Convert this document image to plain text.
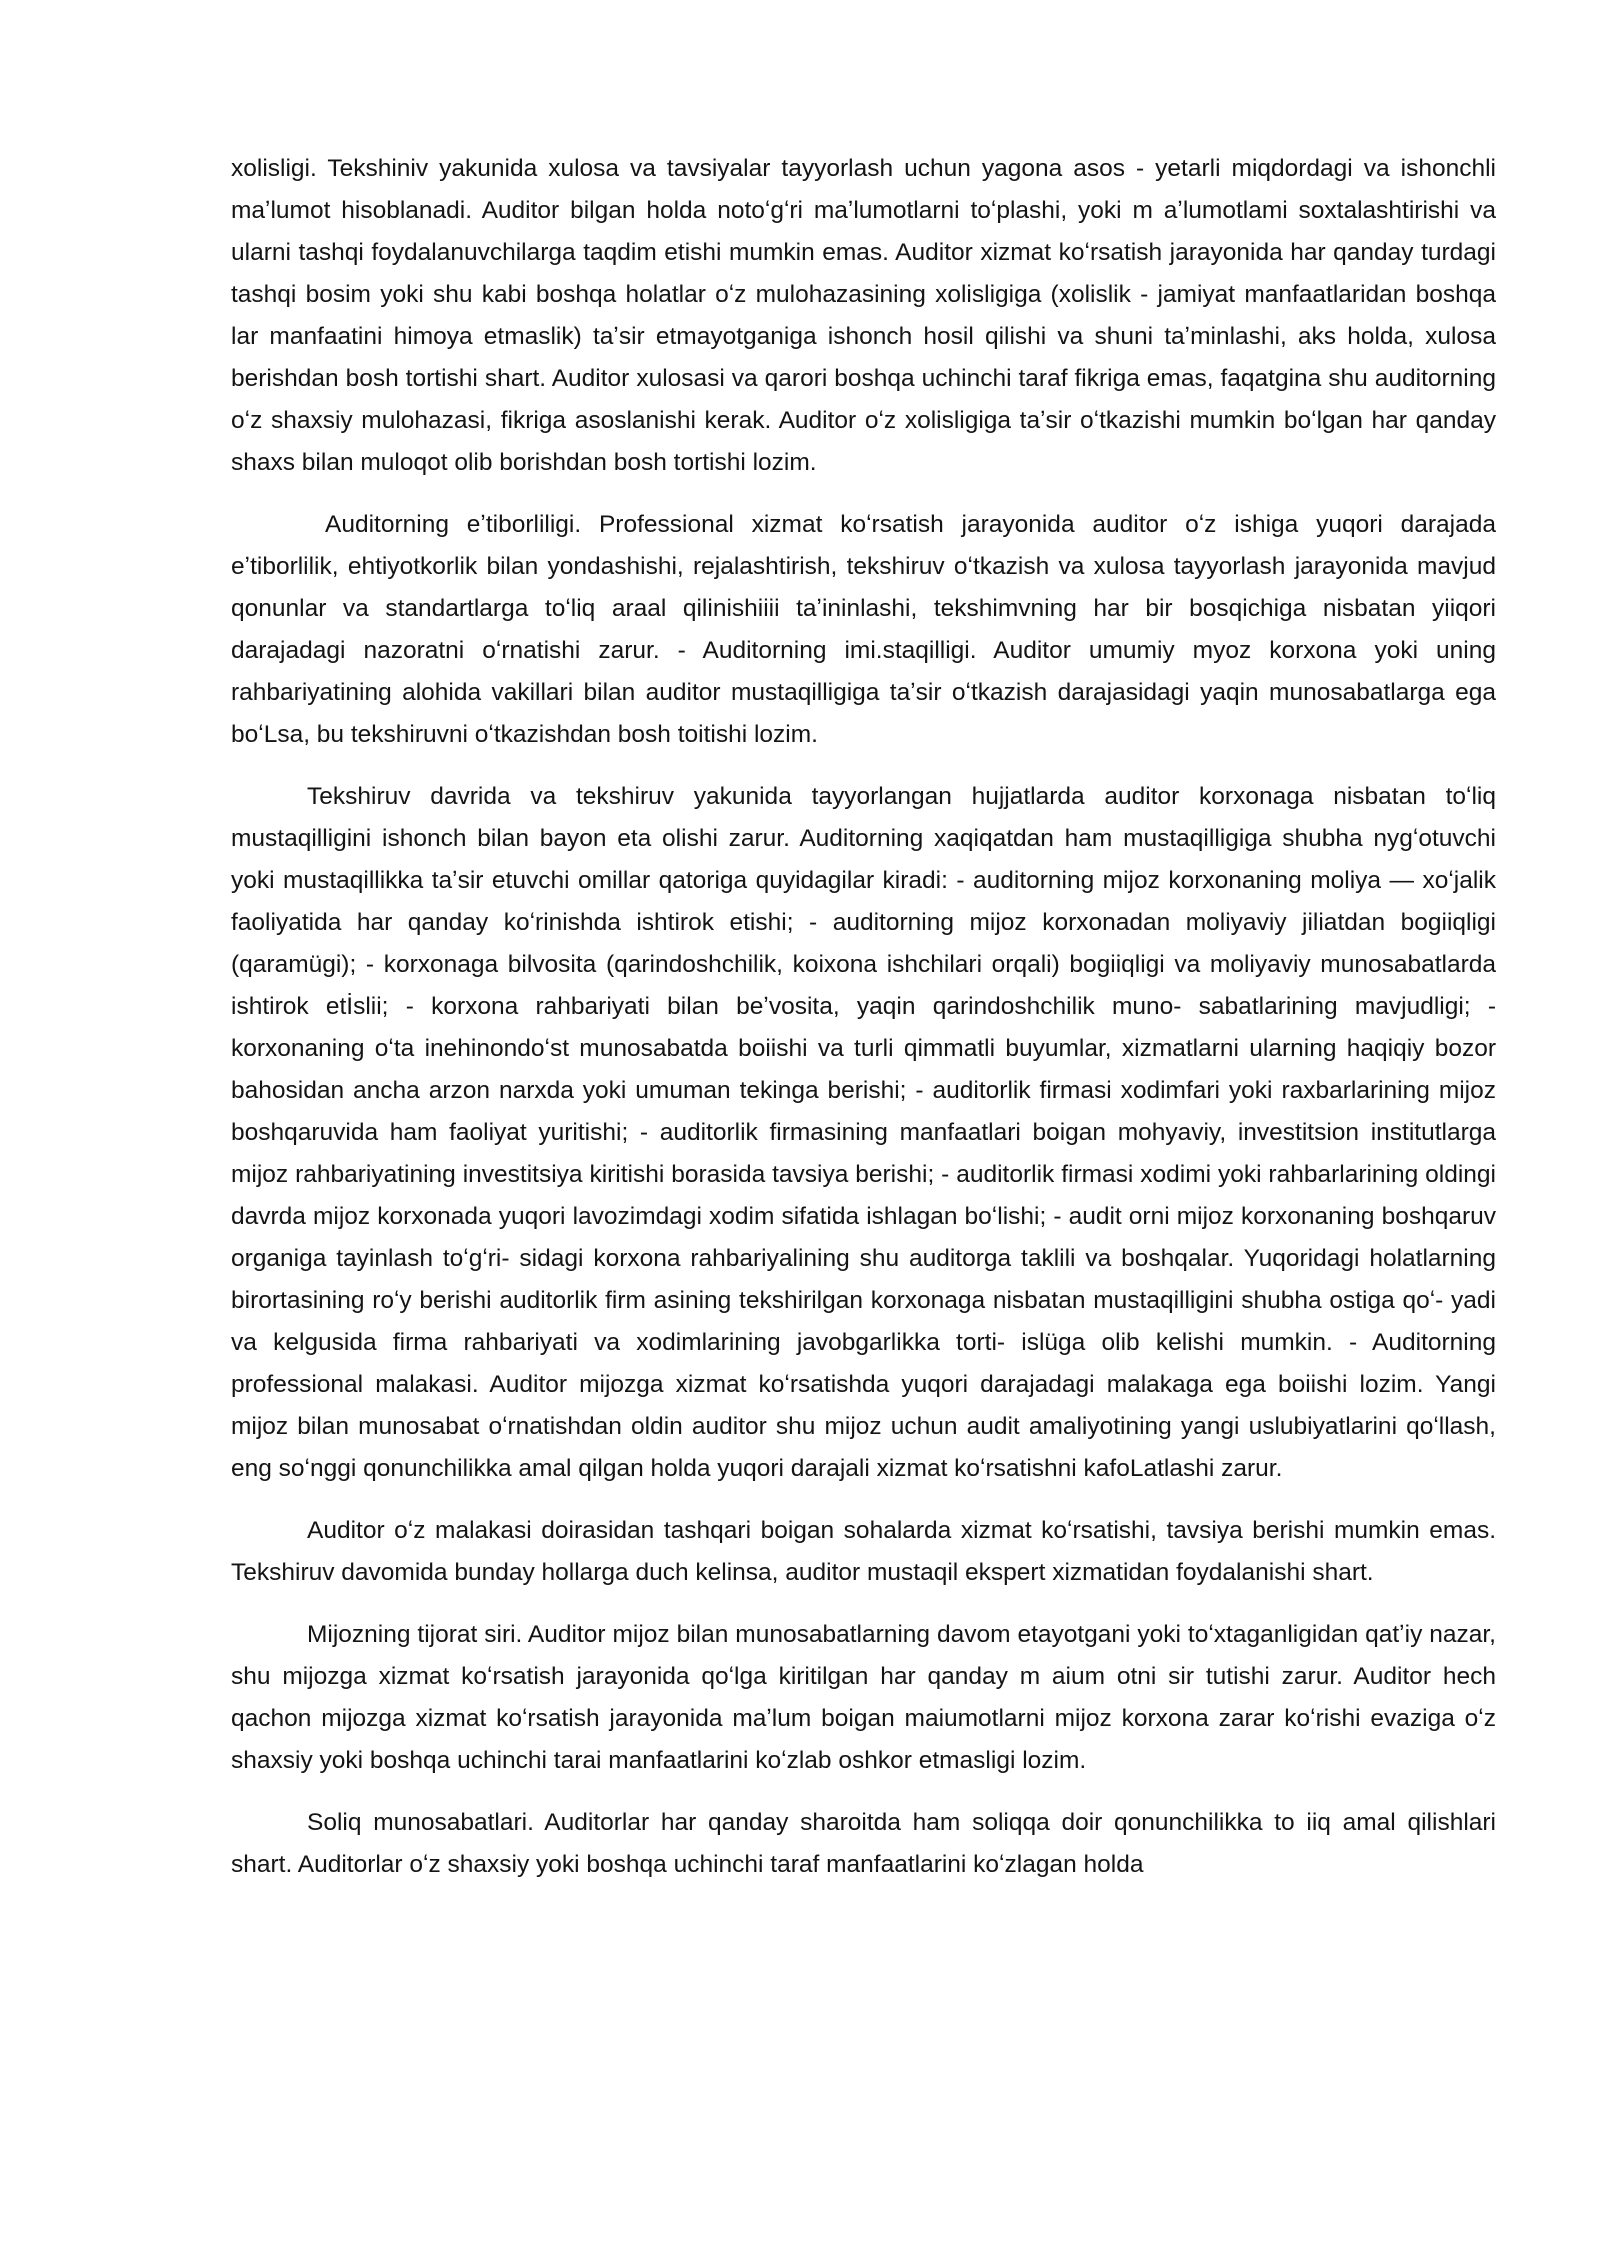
xolisligi. Tekshiniv yakunida xulosa va tavsiyalar tayyorlash uchun yagona asos - yetarli miqdordagi va ishonchli maʼlumot hisoblanadi. Auditor bilgan holda notoʻgʻri maʼlumotlarni toʻplashi, yoki m aʼlumotlami soxtalashtirishi va ularni tashqi foydalanuvchilarga taqdim etishi mumkin emas. Auditor xizmat koʻrsatish jarayonida har qanday turdagi tashqi bosim yoki shu kabi boshqa holatlar oʻz mulohazasining xolisligiga (xolislik - jamiyat manfaatlaridan boshqa lar manfaatini himoya etmaslik) taʼsir etmayotganiga ishonch hosil qilishi va shuni taʼminlashi, aks holda, xulosa berishdan bosh tortishi shart. Auditor xulosasi va qarori boshqa uchinchi taraf fikriga emas, faqatgina shu auditorning oʻz shaxsiy mulohazasi, fikriga asoslanishi kerak. Auditor oʻz xolisligiga taʼsir oʻtkazishi mumkin boʻlgan har qanday shaxs bilan muloqot olib borishdan bosh tortishi lozim.

Auditorning eʼtiborliligi. Professional xizmat koʻrsatish jarayonida auditor oʻz ishiga yuqori darajada eʼtiborlilik, ehtiyotkorlik bilan yondashishi, rejalashtirish, tekshiruv oʻtkazish va xulosa tayyorlash jarayonida mavjud qonunlar va standartlarga toʻliq araal qilinishiiii taʼininlashi, tekshimvning har bir bosqichiga nisbatan yiiqori darajadagi nazoratni oʻrnatishi zarur. - Auditorning imi.staqilligi. Auditor umumiy myoz korxona yoki uning rahbariyatining alohida vakillari bilan auditor mustaqilligiga taʼsir oʻtkazish darajasidagi yaqin munosabatlarga ega boʻLsa, bu tekshiruvni oʻtkazishdan bosh toitishi lozim.

Tekshiruv davrida va tekshiruv yakunida tayyorlangan hujjatlarda auditor korxonaga nisbatan toʻliq mustaqilligini ishonch bilan bayon eta olishi zarur. Auditorning xaqiqatdan ham mustaqilligiga shubha nygʻotuvchi yoki mustaqillikka taʼsir etuvchi omillar qatoriga quyidagilar kiradi: - auditorning mijoz korxonaning moliya — xoʻjalik faoliyatida har qanday koʻrinishda ishtirok etishi; - auditorning mijoz korxonadan moliyaviy jiliatdan bogiiqligi (qaramügi); - korxonaga bilvosita (qarindoshchilik, koixona ishchilari orqali) bogiiqligi va moliyaviy munosabatlarda ishtirok etİslii; - korxona rahbariyati bilan beʼvosita, yaqin qarindoshchilik muno- sabatlarining mavjudligi; - korxonaning oʻta inehinondoʻst munosabatda boiishi va turli qimmatli buyumlar, xizmatlarni ularning haqiqiy bozor bahosidan ancha arzon narxda yoki umuman tekinga berishi; - auditorlik firmasi xodimfari yoki raxbarlarining mijoz boshqaruvida ham faoliyat yuritishi; - auditorlik firmasining manfaatlari boigan mohyaviy, investitsion institutlarga mijoz rahbariyatining investitsiya kiritishi borasida tavsiya berishi; - auditorlik firmasi xodimi yoki rahbarlarining oldingi davrda mijoz korxonada yuqori lavozimdagi xodim sifatida ishlagan boʻlishi; - audit orni mijoz korxonaning boshqaruv organiga tayinlash toʻgʻri- sidagi korxona rahbariyalining shu auditorga taklili va boshqalar. Yuqoridagi holatlarning birortasining roʻy berishi auditorlik firm asining tekshirilgan korxonaga nisbatan mustaqilligini shubha ostiga qoʻ- yadi va kelgusida firma rahbariyati va xodimlarining javobgarlikka torti- islüga olib kelishi mumkin. - Auditorning professional malakasi. Auditor mijozga xizmat koʻrsatishda yuqori darajadagi malakaga ega boiishi lozim. Yangi mijoz bilan munosabat oʻrnatishdan oldin auditor shu mijoz uchun audit amaliyotining yangi uslubiyatlarini qoʻllash, eng soʻnggi qonunchilikka amal qilgan holda yuqori darajali xizmat koʻrsatishni kafoLatlashi zarur.

Auditor oʻz malakasi doirasidan tashqari boigan sohalarda xizmat koʻrsatishi, tavsiya berishi mumkin emas. Tekshiruv davomida bunday hollarga duch kelinsa, auditor mustaqil ekspert xizmatidan foydalanishi shart.

Mijozning tijorat siri. Auditor mijoz bilan munosabatlarning davom etayotgani yoki toʻxtaganligidan qatʼiy nazar, shu mijozga xizmat koʻrsatish jarayonida qoʻlga kiritilgan har qanday m aium otni sir tutishi zarur. Auditor hech qachon mijozga xizmat koʻrsatish jarayonida maʼlum boigan maiumotlarni mijoz korxona zarar koʻrishi evaziga oʻz shaxsiy yoki boshqa uchinchi tarai manfaatlarini koʻzlab oshkor etmasligi lozim.

Soliq munosabatlari. Auditorlar har qanday sharoitda ham soliqqa doir qonunchilikka to iiq amal qilishlari shart. Auditorlar oʻz shaxsiy yoki boshqa uchinchi taraf manfaatlarini koʻzlagan holda
